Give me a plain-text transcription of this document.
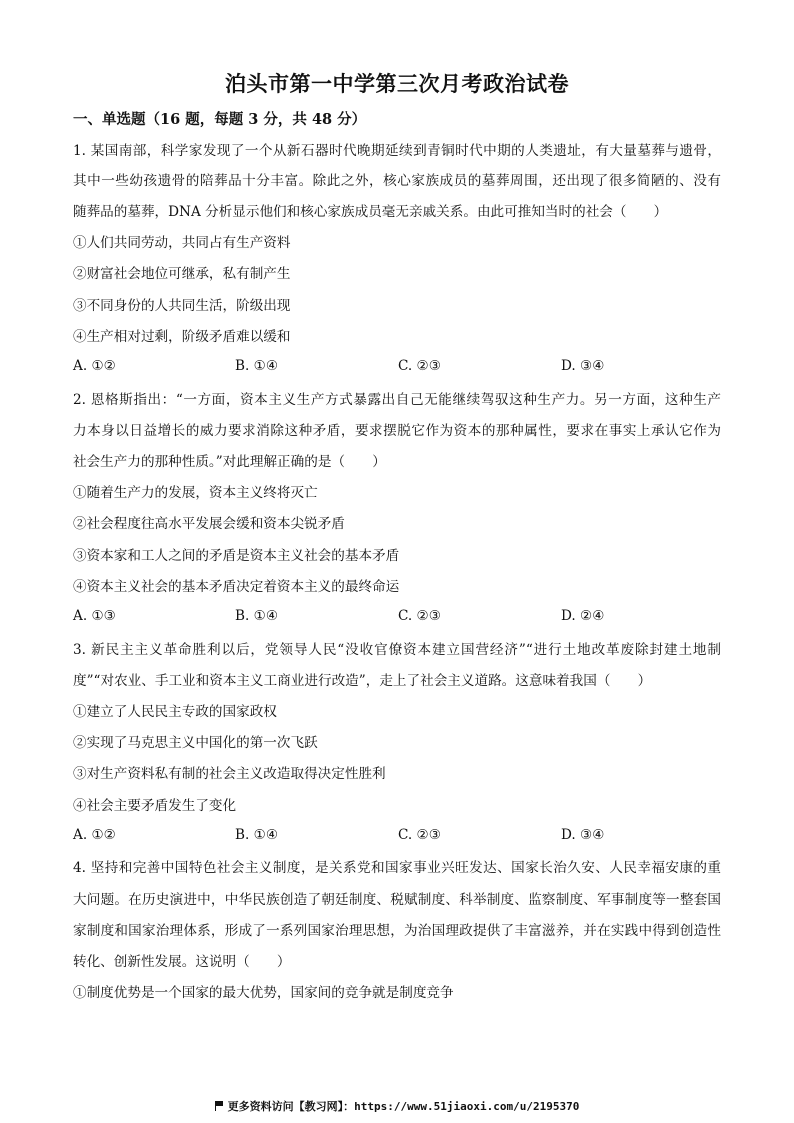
泊头市第一中学第三次月考政治试卷
一、单选题（16 题，每题 3 分，共 48 分）
1. 某国南部，科学家发现了一个从新石器时代晚期延续到青铜时代中期的人类遗址，有大量墓葬与遗骨，
其中一些幼孩遗骨的陪葬品十分丰富。除此之外，核心家族成员的墓葬周围，还出现了很多简陋的、没有
随葬品的墓葬，DNA 分析显示他们和核心家族成员毫无亲戚关系。由此可推知当时的社会（　　）
①人们共同劳动，共同占有生产资料
②财富社会地位可继承，私有制产生
③不同身份的人共同生活，阶级出现
④生产相对过剩，阶级矛盾难以缓和
A. ①②	B. ①④	C. ②③	D. ③④
2. 恩格斯指出：“一方面，资本主义生产方式暴露出自己无能继续驾驭这种生产力。另一方面，这种生产
力本身以日益增长的威力要求消除这种矛盾，要求摆脱它作为资本的那种属性，要求在事实上承认它作为
社会生产力的那种性质。”对此理解正确的是（　　）
①随着生产力的发展，资本主义终将灭亡
②社会程度往高水平发展会缓和资本尖锐矛盾
③资本家和工人之间的矛盾是资本主义社会的基本矛盾
④资本主义社会的基本矛盾决定着资本主义的最终命运
A. ①③	B. ①④	C. ②③	D. ②④
3. 新民主主义革命胜利以后，党领导人民“没收官僚资本建立国营经济”“进行土地改革废除封建土地制
度”“对农业、手工业和资本主义工商业进行改造”，走上了社会主义道路。这意味着我国（　　）
①建立了人民民主专政的国家政权
②实现了马克思主义中国化的第一次飞跃
③对生产资料私有制的社会主义改造取得决定性胜利
④社会主要矛盾发生了变化
A. ①②	B. ①④	C. ②③	D. ③④
4. 坚持和完善中国特色社会主义制度，是关系党和国家事业兴旺发达、国家长治久安、人民幸福安康的重
大问题。在历史演进中，中华民族创造了朝廷制度、税赋制度、科举制度、监察制度、军事制度等一整套国
家制度和国家治理体系，形成了一系列国家治理思想，为治国理政提供了丰富滋养，并在实践中得到创造性
转化、创新性发展。这说明（　　）
①制度优势是一个国家的最大优势，国家间的竞争就是制度竞争
更多资料访问【教习网】：https://www.51jiaoxi.com/u/2195370
